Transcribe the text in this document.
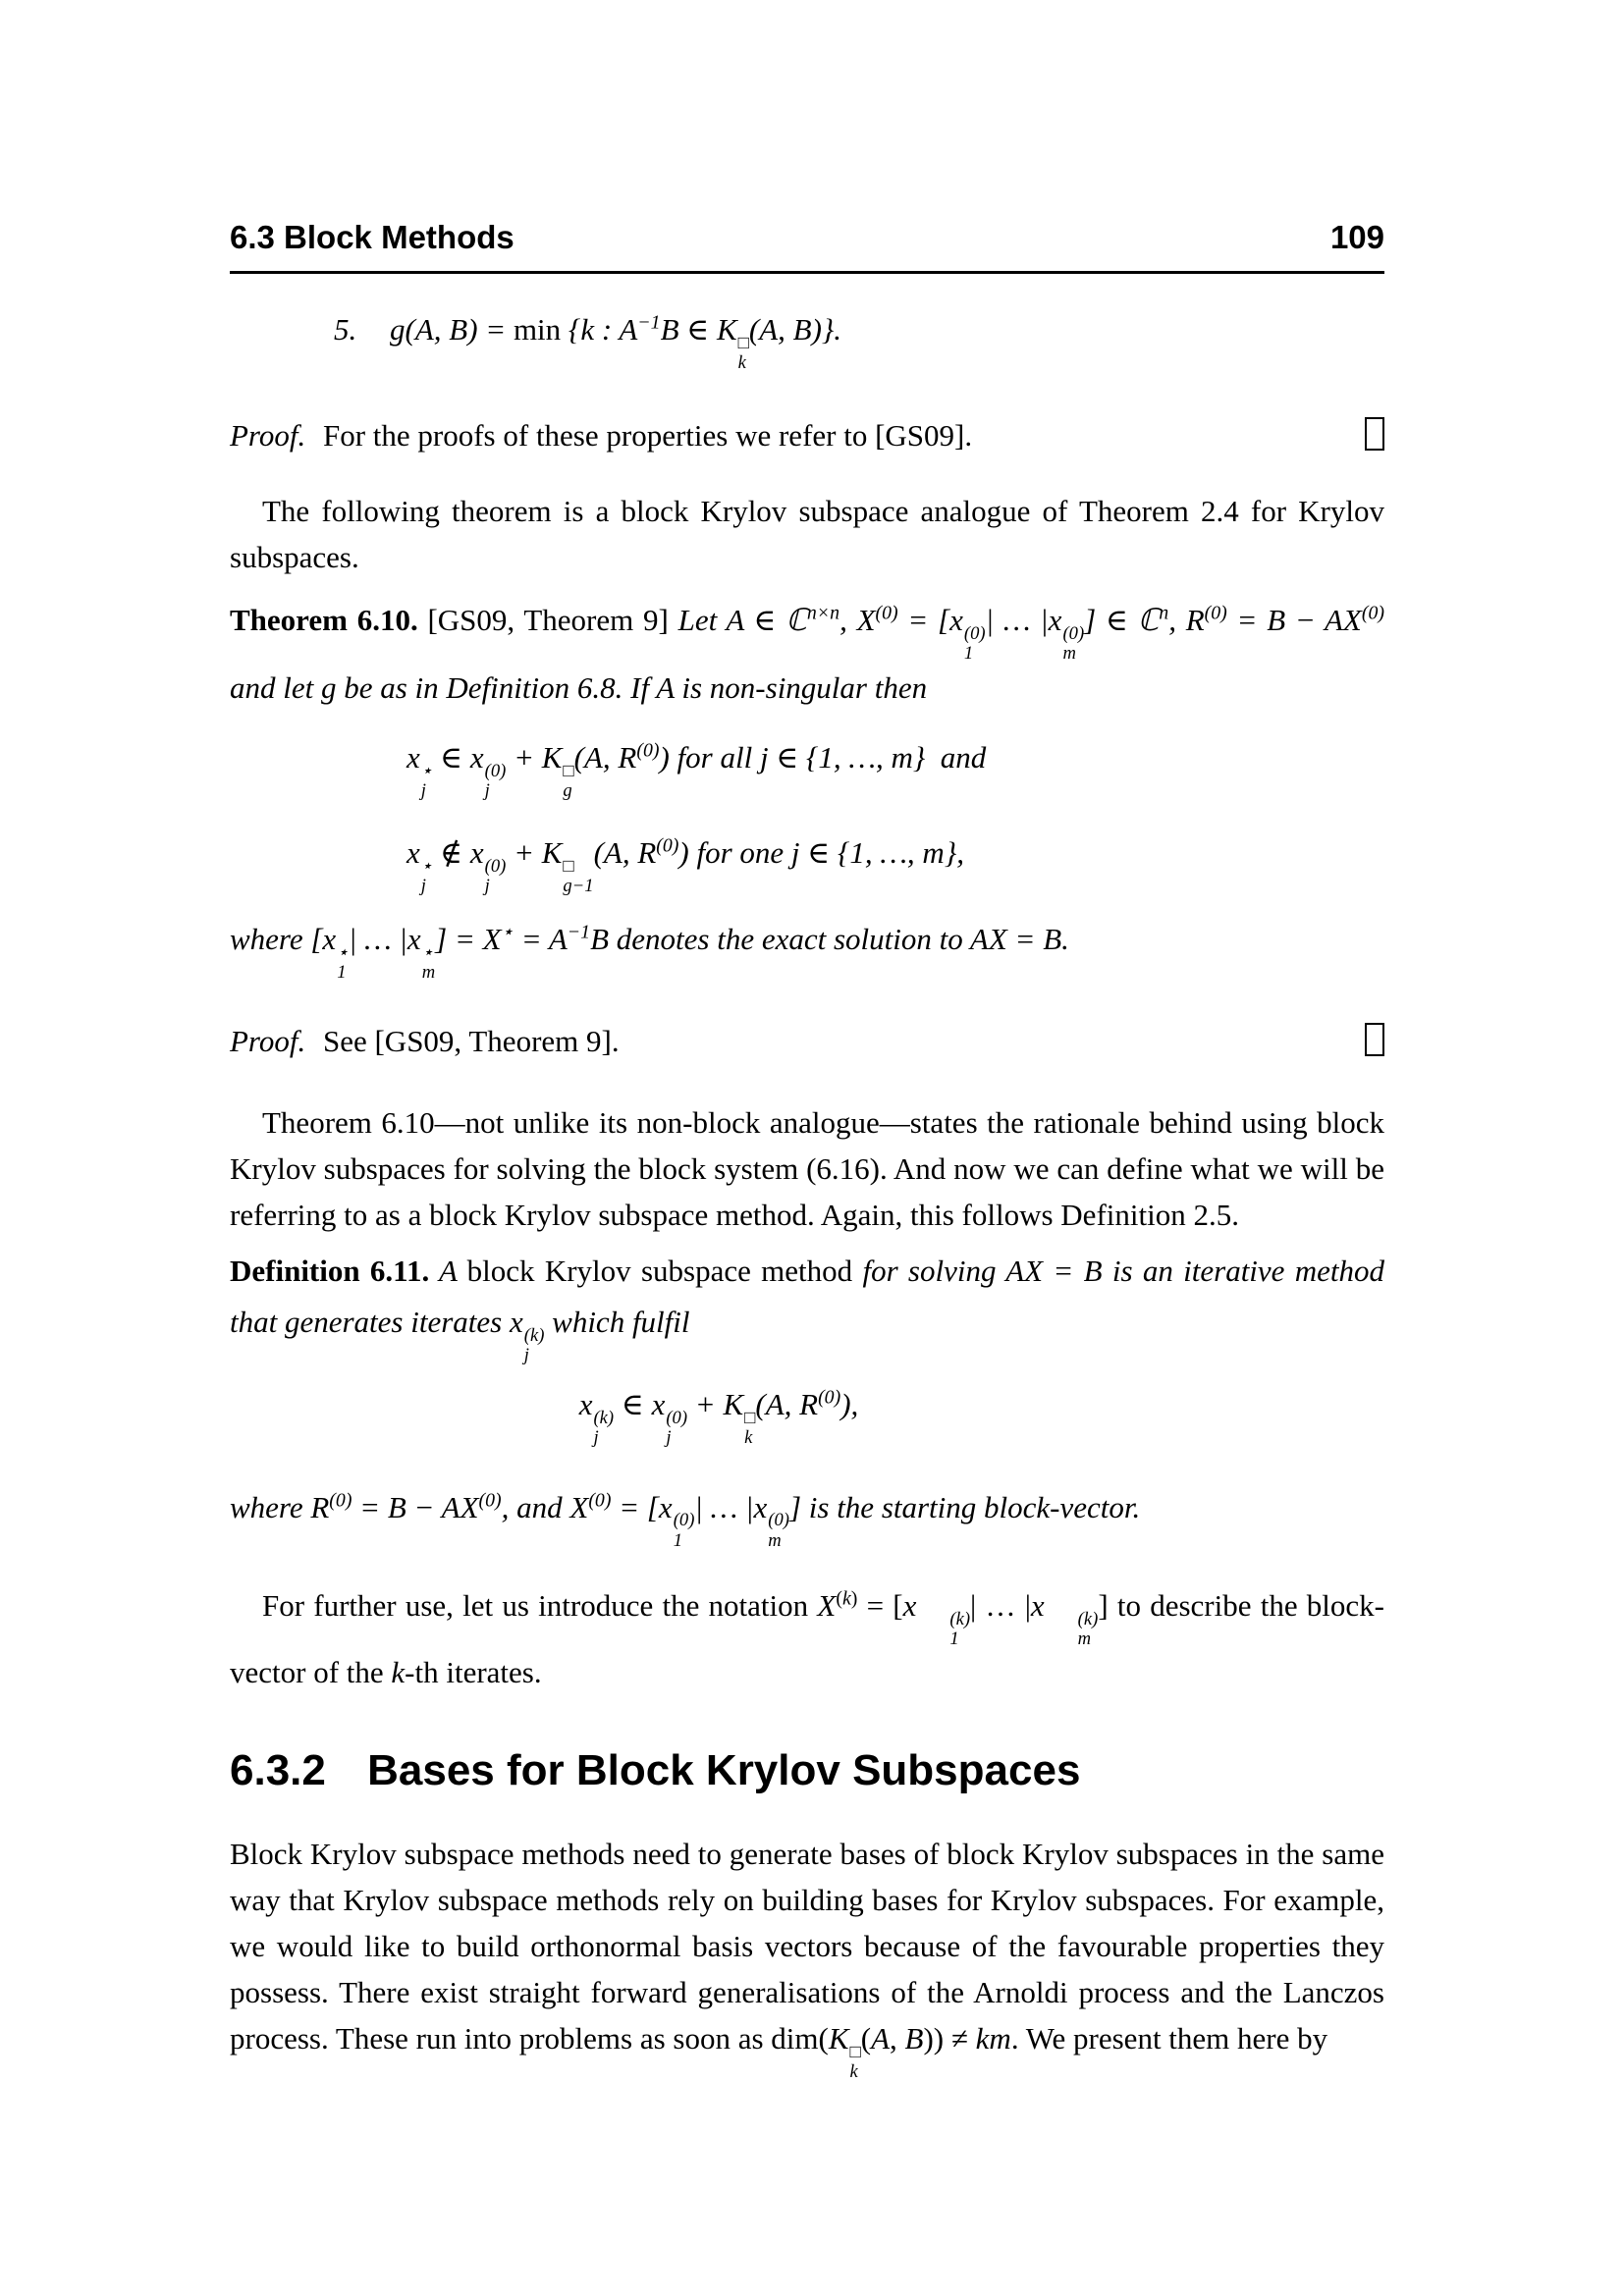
6.3 Block Methods	109

5. g(A, B) = min {k : $A^{-1}B$ ∈ K □
k
(A, B)}.

Proof. For the proofs of these properties we refer to [GS09].

The following theorem is a block Krylov subspace analogue of Theorem 2.4 for Krylov subspaces.

Theorem 6.10. [GS09, Theorem 9] Let A ∈ ℂ$^{n\times n}$, $X^{(0)} = [x$ (0)
1
| … |x (0)
m
] ∈ ℂ$^n$, $R^{(0)} = B - AX^{(0)}$ and let g be as in Definition 6.8. If A is non-singular then

x ⋆
j
∈ x (0)
j
+ K □
g
(A, $R^{(0)}$) for all j ∈ {1, …, m}  and

x ⋆
j
∉ x (0)
j
+ K □
g−1
(A, $R^{(0)}$) for one j ∈ {1, …, m},

where [x ⋆
1
| … |x ⋆
m
] = $X^⋆ = A^{-1}B$ denotes the exact solution to AX = B.

Proof. See [GS09, Theorem 9].

Theorem 6.10—not unlike its non-block analogue—states the rationale behind using block Krylov subspaces for solving the block system (6.16). And now we can define what we will be referring to as a block Krylov subspace method. Again, this follows Definition 2.5.

Definition 6.11. A block Krylov subspace method for solving AX = B is an iterative method that generates iterates x (k)
j
which fulfil

x (k)
j
∈ x (0)
j
+ K □
k
(A, $R^{(0)}$),

where $R^{(0)} = B - AX^{(0)}$, and $X^{(0)} = [x$ (0)
1
| … |x (0)
m
] is the starting block-vector.

For further use, let us introduce the notation $X^{(k)} = [x$	(k)
1
| … |x	(k)
m
] to describe the block-vector of the k-th iterates.

6.3.2 Bases for Block Krylov Subspaces

Block Krylov subspace methods need to generate bases of block Krylov subspaces in the same way that Krylov subspace methods rely on building bases for Krylov subspaces. For example, we would like to build orthonormal basis vectors because of the favourable properties they possess. There exist straight forward generalisations of the Arnoldi process and the Lanczos process. These run into problems as soon as dim(K □
k
(A, B)) ≠ km. We present them here by
